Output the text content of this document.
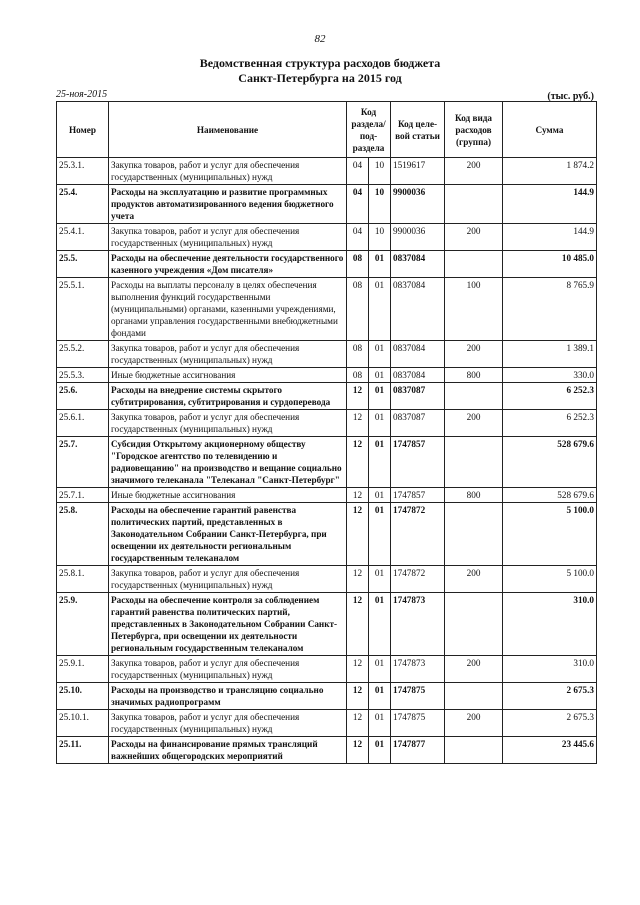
82
Ведомственная структура расходов бюджета
Санкт-Петербурга на 2015 год
25-ноя-2015	(тыс. руб.)
Номер	Наименование	Код раздела/ под- раздела		Код целе- вой статьи	Код вида расходов (группа)	Сумма
25.3.1.	Закупка товаров, работ и услуг для обеспечения государственных (муниципальных) нужд	04	10	1519617	200	1 874.2
25.4.	Расходы на эксплуатацию и развитие программных продуктов автоматизированного ведения бюджетного учета	04	10	9900036		144.9
25.4.1.	Закупка товаров, работ и услуг для обеспечения государственных (муниципальных) нужд	04	10	9900036	200	144.9
25.5.	Расходы на обеспечение деятельности государственного казенного учреждения «Дом писателя»	08	01	0837084		10 485.0
25.5.1.	Расходы на выплаты персоналу в целях обеспечения выполнения функций государственными (муниципальными) органами, казенными учреждениями, органами управления государственными внебюджетными фондами	08	01	0837084	100	8 765.9
25.5.2.	Закупка товаров, работ и услуг для обеспечения государственных (муниципальных) нужд	08	01	0837084	200	1 389.1
25.5.3.	Иные бюджетные ассигнования	08	01	0837084	800	330.0
25.6.	Расходы на внедрение системы скрытого субтитрирования, субтитрирования и сурдоперевода	12	01	0837087		6 252.3
25.6.1.	Закупка товаров, работ и услуг для обеспечения государственных (муниципальных) нужд	12	01	0837087	200	6 252.3
25.7.	Субсидия Открытому акционерному обществу "Городское агентство по телевидению и радиовещанию" на производство и вещание социально значимого телеканала "Телеканал "Санкт-Петербург"	12	01	1747857		528 679.6
25.7.1.	Иные бюджетные ассигнования	12	01	1747857	800	528 679.6
25.8.	Расходы на обеспечение гарантий равенства политических партий, представленных в Законодательном Собрании Санкт-Петербурга, при освещении их деятельности региональным государственным телеканалом	12	01	1747872		5 100.0
25.8.1.	Закупка товаров, работ и услуг для обеспечения государственных (муниципальных) нужд	12	01	1747872	200	5 100.0
25.9.	Расходы на обеспечение контроля за соблюдением гарантий равенства политических партий, представленных в Законодательном Собрании Санкт-Петербурга, при освещении их деятельности региональным государственным телеканалом	12	01	1747873		310.0
25.9.1.	Закупка товаров, работ и услуг для обеспечения государственных (муниципальных) нужд	12	01	1747873	200	310.0
25.10.	Расходы на производство и трансляцию социально значимых радиопрограмм	12	01	1747875		2 675.3
25.10.1.	Закупка товаров, работ и услуг для обеспечения государственных (муниципальных) нужд	12	01	1747875	200	2 675.3
25.11.	Расходы на финансирование прямых трансляций важнейших общегородских мероприятий	12	01	1747877		23 445.6
